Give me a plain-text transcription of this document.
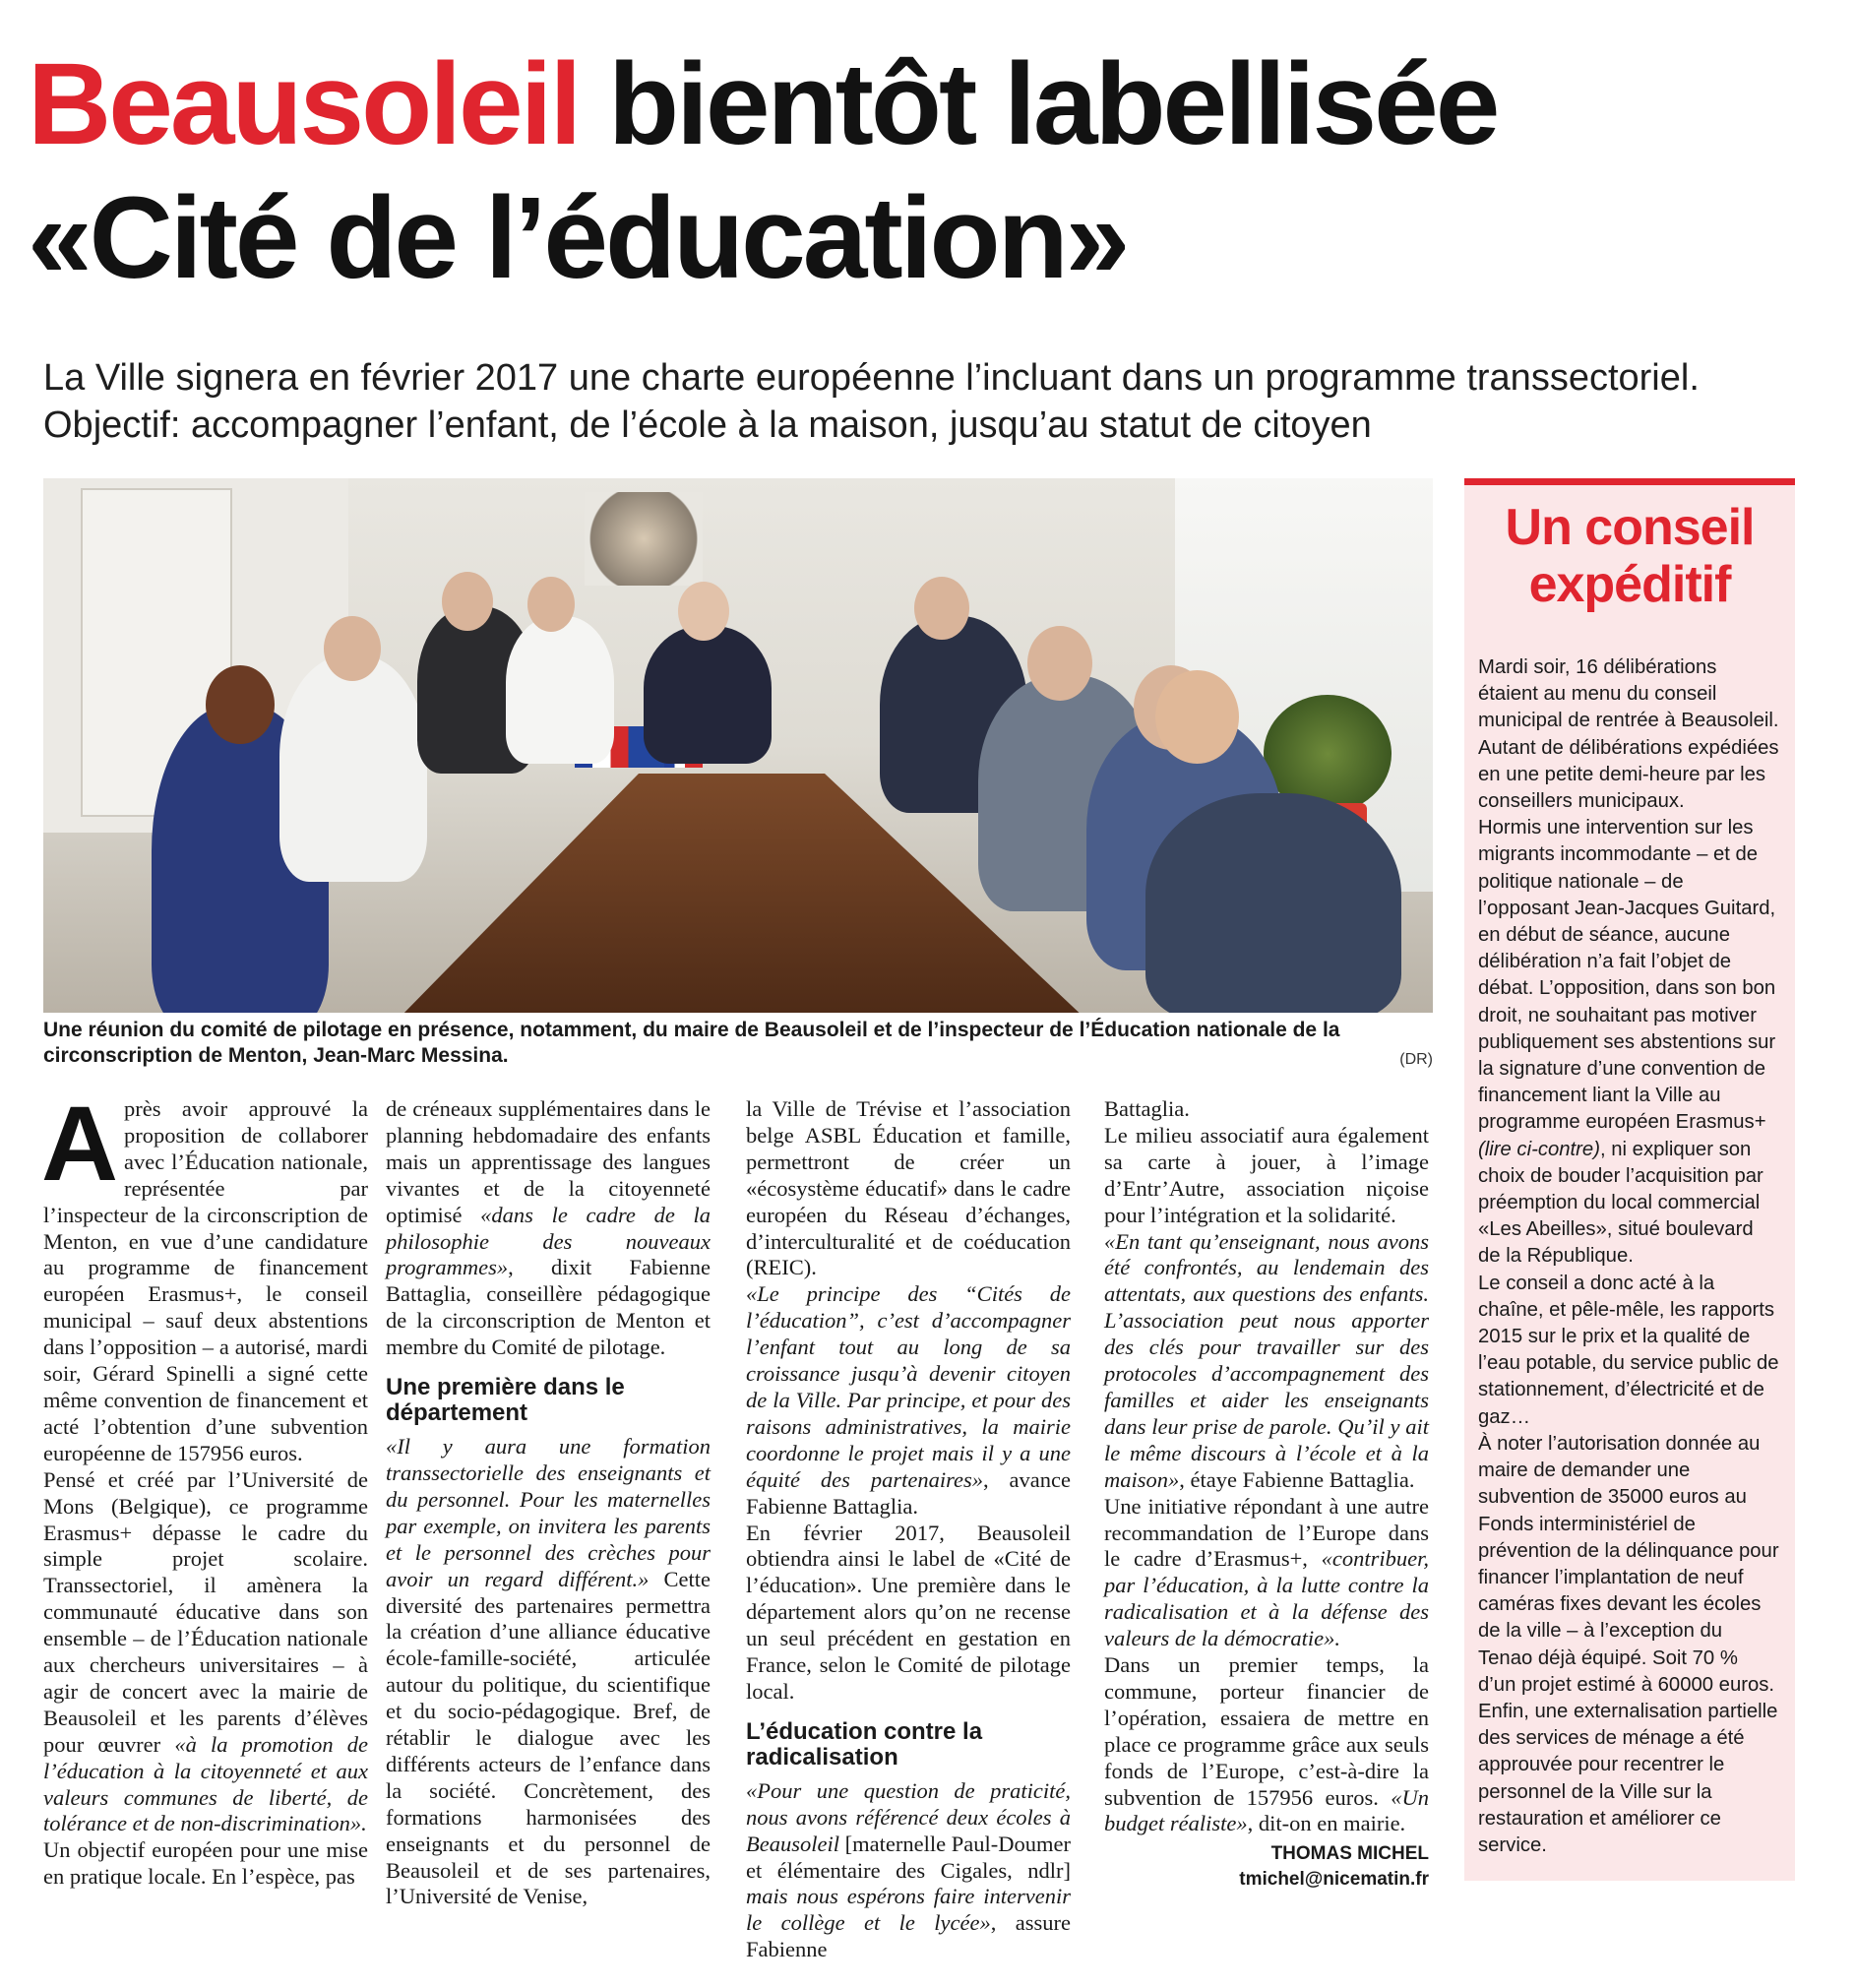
Beausoleil bientôt labellisée
«Cité de l’éducation»
La Ville signera en février 2017 une charte européenne l’incluant dans un programme transsectoriel. Objectif: accompagner l’enfant, de l’école à la maison, jusqu’au statut de citoyen
Une réunion du comité de pilotage en présence, notamment, du maire de Beausoleil et de l’inspecteur de l’Éducation nationale de la circonscription de Menton, Jean-Marc Messina.	(DR)

Après avoir approuvé la proposition de collaborer avec l’Éducation nationale, représentée par l’inspecteur de la circonscription de Menton, en vue d’une candidature au programme de financement européen Erasmus+, le conseil municipal – sauf deux abstentions dans l’opposition – a autorisé, mardi soir, Gérard Spinelli a signé cette même convention de financement et acté l’obtention d’une subvention européenne de 157956 euros.

Pensé et créé par l’Université de Mons (Belgique), ce programme Erasmus+ dépasse le cadre du simple projet scolaire. Transsectoriel, il amènera la communauté éducative dans son ensemble – de l’Éducation nationale aux chercheurs universitaires – à agir de concert avec la mairie de Beausoleil et les parents d’élèves pour œuvrer «à la promotion de l’éducation à la citoyenneté et aux valeurs communes de liberté, de tolérance et de non-discrimination».

Un objectif européen pour une mise en pratique locale. En l’espèce, pas

de créneaux supplémentaires dans le planning hebdomadaire des enfants mais un apprentissage des langues vivantes et de la citoyenneté optimisé «dans le cadre de la philosophie des nouveaux programmes», dixit Fabienne Battaglia, conseillère pédagogique de la circonscription de Menton et membre du Comité de pilotage.

Une première dans le département

«Il y aura une formation transsectorielle des enseignants et du personnel. Pour les maternelles par exemple, on invitera les parents et le personnel des crèches pour avoir un regard différent.» Cette diversité des partenaires permettra la création d’une alliance éducative école-famille-société, articulée autour du politique, du scientifique et du socio-pédagogique. Bref, de rétablir le dialogue avec les différents acteurs de l’enfance dans la société. Concrètement, des formations harmonisées des enseignants et du personnel de Beausoleil et de ses partenaires, l’Université de Venise,

la Ville de Trévise et l’association belge ASBL Éducation et famille, permettront de créer un «écosystème éducatif» dans le cadre européen du Réseau d’échanges, d’interculturalité et de coéducation (REIC).

«Le principe des “Cités de l’éducation”, c’est d’accompagner l’enfant tout au long de sa croissance jusqu’à devenir citoyen de la Ville. Par principe, et pour des raisons administratives, la mairie coordonne le projet mais il y a une équité des partenaires», avance Fabienne Battaglia.

En février 2017, Beausoleil obtiendra ainsi le label de «Cité de l’éducation». Une première dans le département alors qu’on ne recense un seul précédent en gestation en France, selon le Comité de pilotage local.

L’éducation contre la radicalisation

«Pour une question de praticité, nous avons référencé deux écoles à Beausoleil [maternelle Paul-Doumer et élémentaire des Cigales, ndlr] mais nous espérons faire intervenir le collège et le lycée», assure Fabienne

Battaglia.

Le milieu associatif aura également sa carte à jouer, à l’image d’Entr’Autre, association niçoise pour l’intégration et la solidarité.

«En tant qu’enseignant, nous avons été confrontés, au lendemain des attentats, aux questions des enfants. L’association peut nous apporter des clés pour travailler sur des protocoles d’accompagnement des familles et aider les enseignants dans leur prise de parole. Qu’il y ait le même discours à l’école et à la maison», étaye Fabienne Battaglia.

Une initiative répondant à une autre recommandation de l’Europe dans le cadre d’Erasmus+, «contribuer, par l’éducation, à la lutte contre la radicalisation et à la défense des valeurs de la démocratie».

Dans un premier temps, la commune, porteur financier de l’opération, essaiera de mettre en place ce programme grâce aux seuls fonds de l’Europe, c’est-à-dire la subvention de 157956 euros. «Un budget réaliste», dit-on en mairie.

THOMAS MICHEL
tmichel@nicematin.fr
Un conseil
expéditif

Mardi soir, 16 délibérations étaient au menu du conseil municipal de rentrée à Beausoleil. Autant de délibérations expédiées en une petite demi-heure par les conseillers municipaux.

Hormis une intervention sur les migrants incommodante – et de politique nationale – de l’opposant Jean-Jacques Guitard, en début de séance, aucune délibération n’a fait l’objet de débat. L’opposition, dans son bon droit, ne souhaitant pas motiver publiquement ses abstentions sur la signature d’une convention de financement liant la Ville au programme européen Erasmus+ (lire ci-contre), ni expliquer son choix de bouder l’acquisition par préemption du local commercial «Les Abeilles», situé boulevard de la République.

Le conseil a donc acté à la chaîne, et pêle-mêle, les rapports 2015 sur le prix et la qualité de l’eau potable, du service public de stationnement, d’électricité et de gaz…

À noter l’autorisation donnée au maire de demander une subvention de 35000 euros au Fonds interministériel de prévention de la délinquance pour financer l’implantation de neuf caméras fixes devant les écoles de la ville – à l’exception du Tenao déjà équipé. Soit 70 % d’un projet estimé à 60000 euros.

Enfin, une externalisation partielle des services de ménage a été approuvée pour recentrer le personnel de la Ville sur la restauration et améliorer ce service.
